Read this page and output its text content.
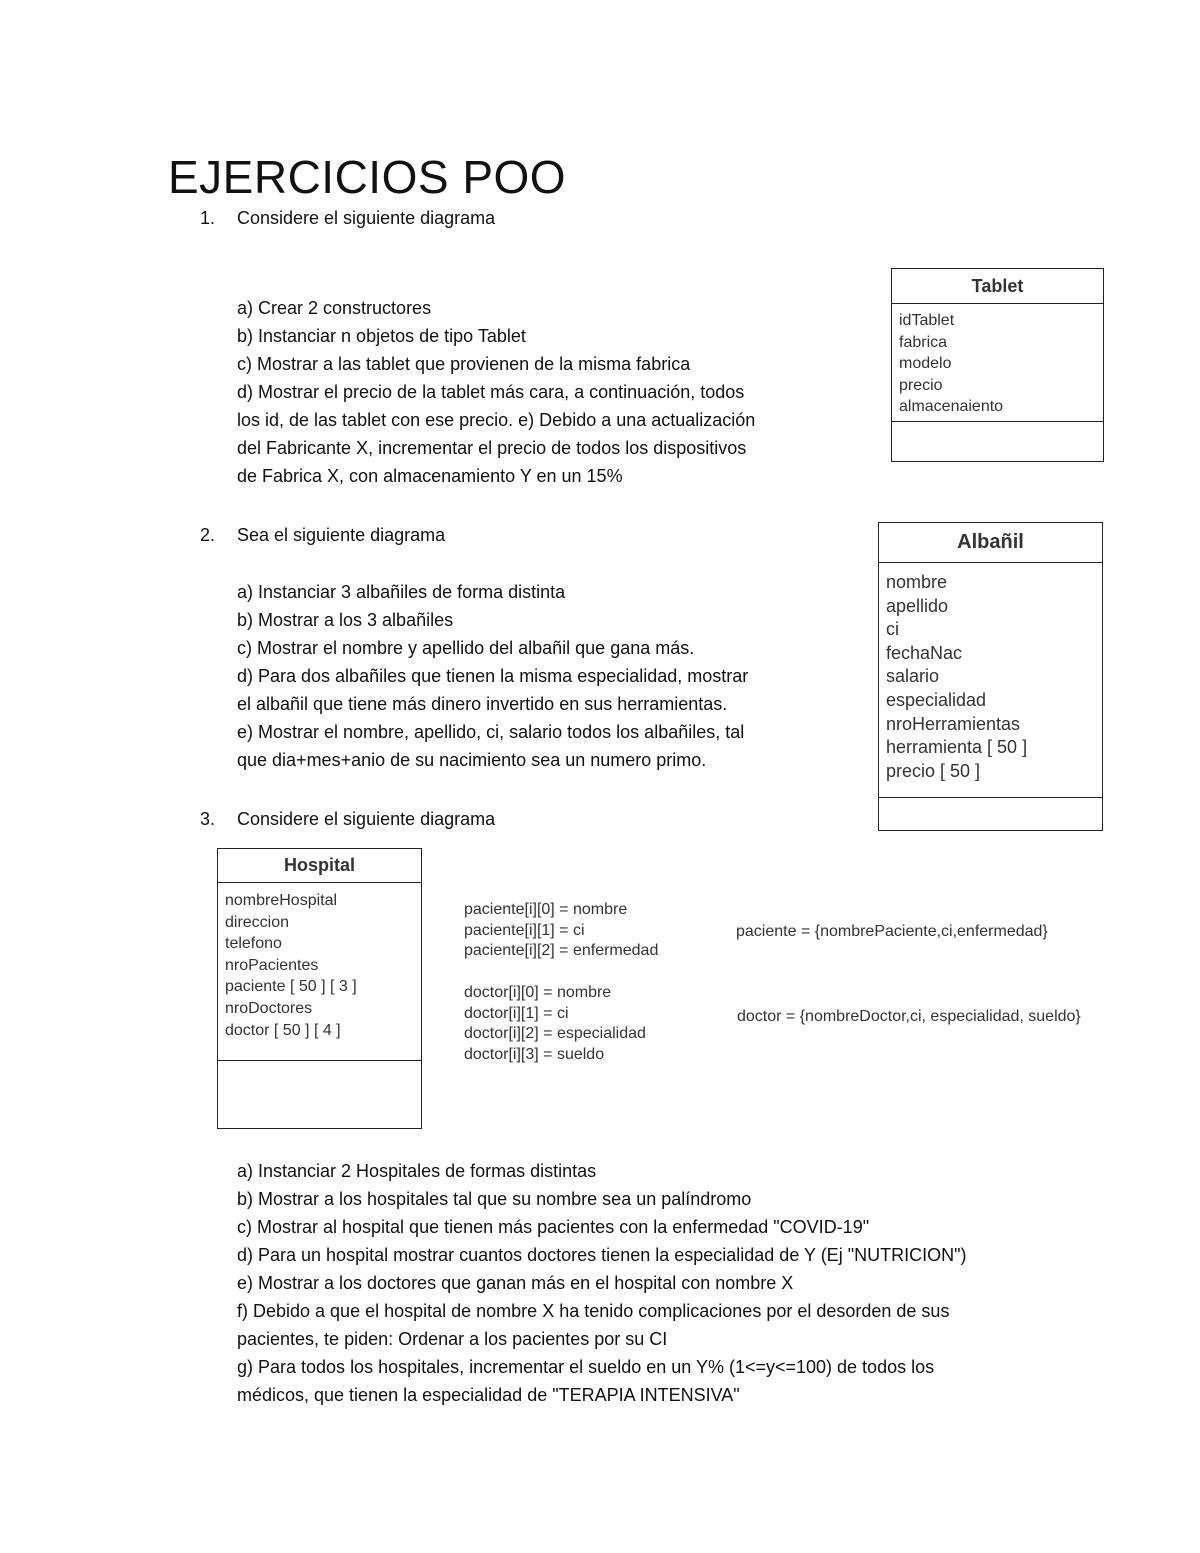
EJERCICIOS POO
1. Considere el siguiente diagrama
a) Crear 2 constructores
b) Instanciar n objetos de tipo Tablet
c) Mostrar a las tablet que provienen de la misma fabrica
d) Mostrar el precio de la tablet más cara, a continuación, todos
los id, de las tablet con ese precio. e) Debido a una actualización
del Fabricante X, incrementar el precio de todos los dispositivos
de Fabrica X, con almacenamiento Y en un 15%
Tablet
idTablet
fabrica
modelo
precio
almacenaiento
2. Sea el siguiente diagrama
a) Instanciar 3 albañiles de forma distinta
b) Mostrar a los 3 albañiles
c) Mostrar el nombre y apellido del albañil que gana más.
d) Para dos albañiles que tienen la misma especialidad, mostrar
el albañil que tiene más dinero invertido en sus herramientas.
e) Mostrar el nombre, apellido, ci, salario todos los albañiles, tal
que dia+mes+anio de su nacimiento sea un numero primo.
Albañil
nombre
apellido
ci
fechaNac
salario
especialidad
nroHerramientas
herramienta [ 50 ]
precio [ 50 ]
3. Considere el siguiente diagrama
Hospital
nombreHospital
direccion
telefono
nroPacientes
paciente [ 50 ] [ 3 ]
nroDoctores
doctor [ 50 ] [ 4 ]
paciente[i][0] = nombre
paciente[i][1] = ci
paciente[i][2] = enfermedad
doctor[i][0] = nombre
doctor[i][1] = ci
doctor[i][2] = especialidad
doctor[i][3] = sueldo
paciente = {nombrePaciente,ci,enfermedad}
doctor = {nombreDoctor,ci, especialidad, sueldo}
a) Instanciar 2 Hospitales de formas distintas
b) Mostrar a los hospitales tal que su nombre sea un palíndromo
c) Mostrar al hospital que tienen más pacientes con la enfermedad "COVID-19"
d) Para un hospital mostrar cuantos doctores tienen la especialidad de Y (Ej "NUTRICION")
e) Mostrar a los doctores que ganan más en el hospital con nombre X
f) Debido a que el hospital de nombre X ha tenido complicaciones por el desorden de sus
pacientes, te piden: Ordenar a los pacientes por su CI
g) Para todos los hospitales, incrementar el sueldo en un Y% (1<=y<=100) de todos los
médicos, que tienen la especialidad de "TERAPIA INTENSIVA"
